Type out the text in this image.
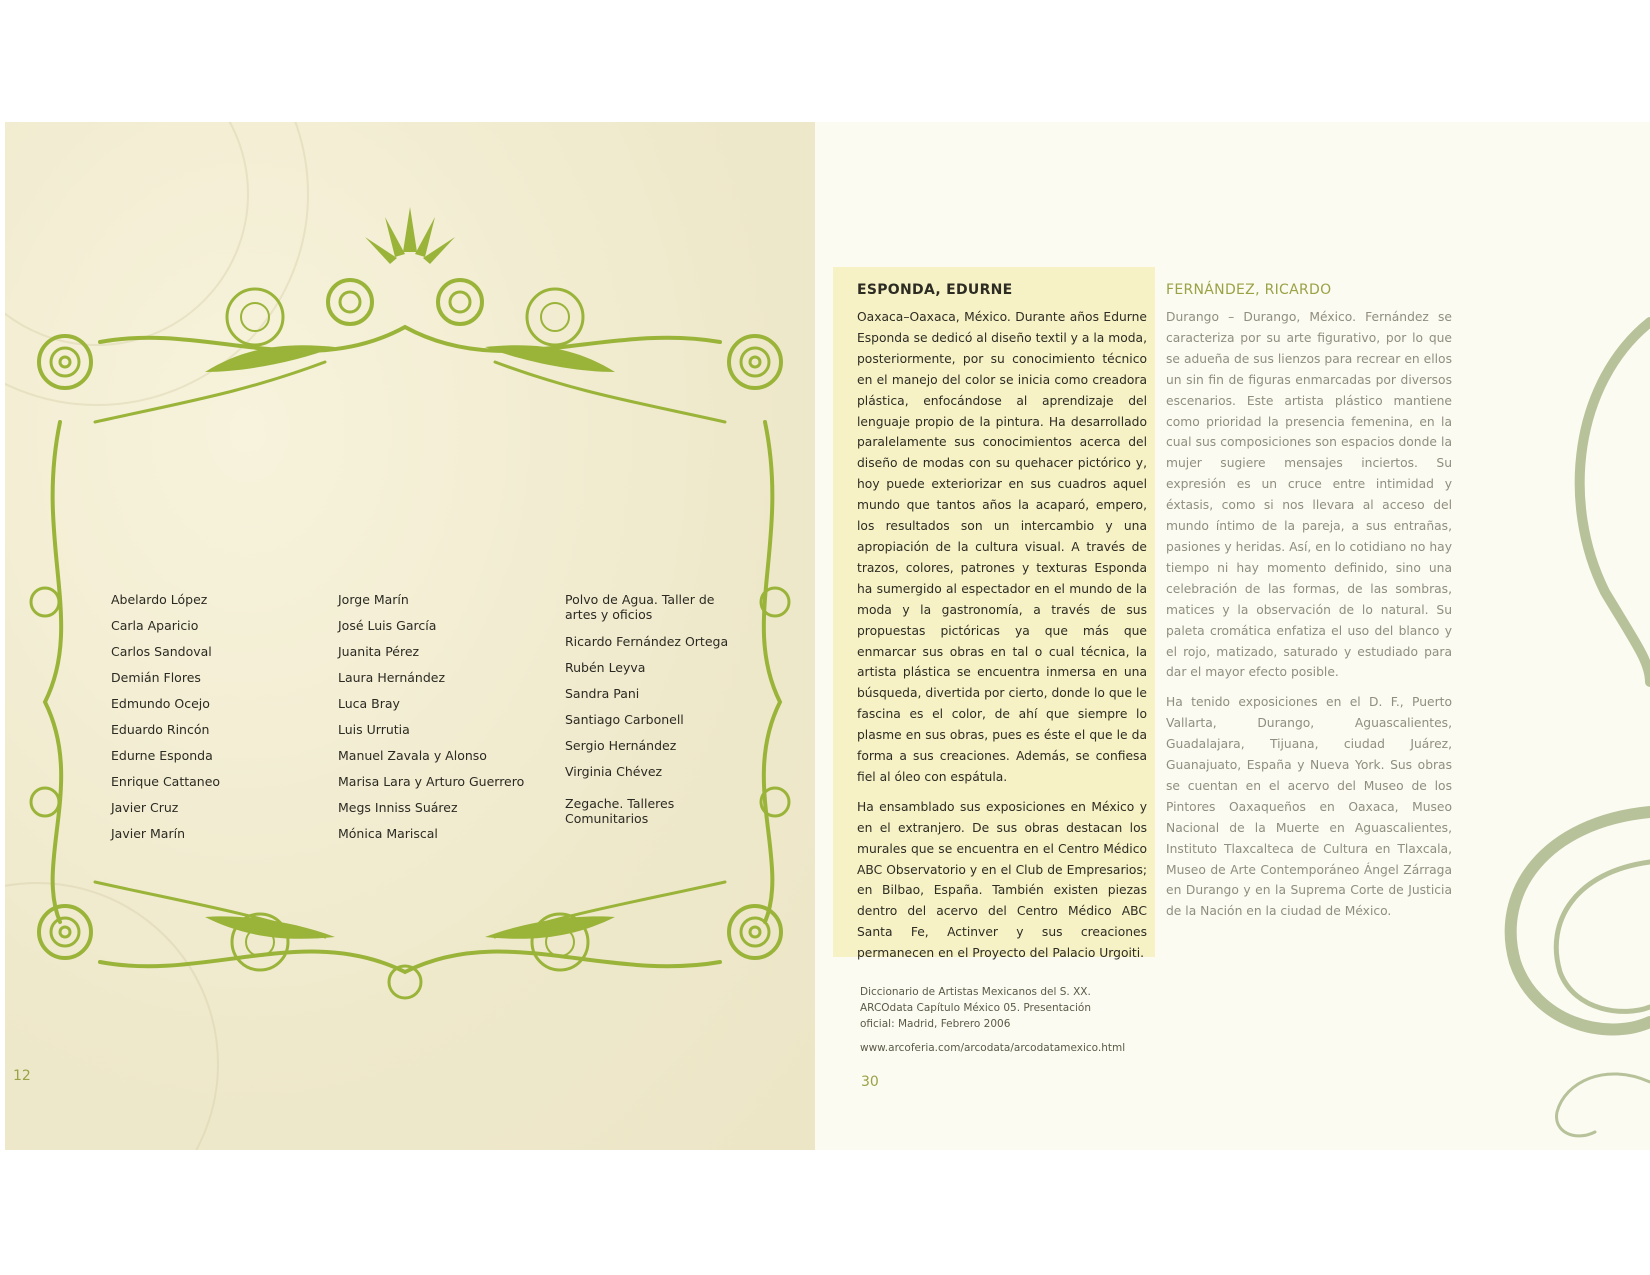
Abelardo López
Carla Aparicio
Carlos Sandoval
Demián Flores
Edmundo Ocejo
Eduardo Rincón
Edurne Esponda
Enrique Cattaneo
Javier Cruz
Javier Marín
Jorge Marín
José Luis García
Juanita Pérez
Laura Hernández
Luca Bray
Luis Urrutia
Manuel Zavala y Alonso
Marisa Lara y Arturo Guerrero
Megs Inniss Suárez
Mónica Mariscal
Polvo de Agua. Taller de artes y oficios
Ricardo Fernández Ortega
Rubén Leyva
Sandra Pani
Santiago Carbonell
Sergio Hernández
Virginia Chévez
Zegache. Talleres Comunitarios
12
ESPONDA, EDURNE

Oaxaca–Oaxaca, México. Durante años Edurne Esponda se dedicó al diseño textil y a la moda, posteriormente, por su conocimiento técnico en el manejo del color se inicia como creadora plástica, enfocándose al aprendizaje del lenguaje propio de la pintura. Ha desarrollado paralelamente sus conocimientos acerca del diseño de modas con su quehacer pictórico y, hoy puede exteriorizar en sus cuadros aquel mundo que tantos años la acaparó, empero, los resultados son un intercambio y una apropiación de la cultura visual. A través de trazos, colores, patrones y texturas Esponda ha sumergido al espectador en el mundo de la moda y la gastronomía, a través de sus propuestas pictóricas ya que más que enmarcar sus obras en tal o cual técnica, la artista plástica se encuentra inmersa en una búsqueda, divertida por cierto, donde lo que le fascina es el color, de ahí que siempre lo plasme en sus obras, pues es éste el que le da forma a sus creaciones. Además, se confiesa fiel al óleo con espátula.

Ha ensamblado sus exposiciones en México y en el extranjero. De sus obras destacan los murales que se encuentra en el Centro Médico ABC Observatorio y en el Club de Empresarios; en Bilbao, España. También existen piezas dentro del acervo del Centro Médico ABC Santa Fe, Actinver y sus creaciones permanecen en el Proyecto del Palacio Urgoiti.

FERNÁNDEZ, RICARDO

Durango – Durango, México. Fernández se caracteriza por su arte figurativo, por lo que se adueña de sus lienzos para recrear en ellos un sin fin de figuras enmarcadas por diversos escenarios. Este artista plástico mantiene como prioridad la presencia femenina, en la cual sus composiciones son espacios donde la mujer sugiere mensajes inciertos. Su expresión es un cruce entre intimidad y éxtasis, como si nos llevara al acceso del mundo íntimo de la pareja, a sus entrañas, pasiones y heridas. Así, en lo cotidiano no hay tiempo ni hay momento definido, sino una celebración de las formas, de las sombras, matices y la observación de lo natural. Su paleta cromática enfatiza el uso del blanco y el rojo, matizado, saturado y estudiado para dar el mayor efecto posible.

Ha tenido exposiciones en el D. F., Puerto Vallarta, Durango, Aguascalientes, Guadalajara, Tijuana, ciudad Juárez, Guanajuato, España y Nueva York. Sus obras se cuentan en el acervo del Museo de los Pintores Oaxaqueños en Oaxaca, Museo Nacional de la Muerte en Aguascalientes, Instituto Tlaxcalteca de Cultura en Tlaxcala, Museo de Arte Contemporáneo Ángel Zárraga en Durango y en la Suprema Corte de Justicia de la Nación en la ciudad de México.

Diccionario de Artistas Mexicanos del S. XX. ARCOdata Capítulo México 05. Presentación oficial: Madrid, Febrero 2006
www.arcoferia.com/arcodata/arcodatamexico.html
30
